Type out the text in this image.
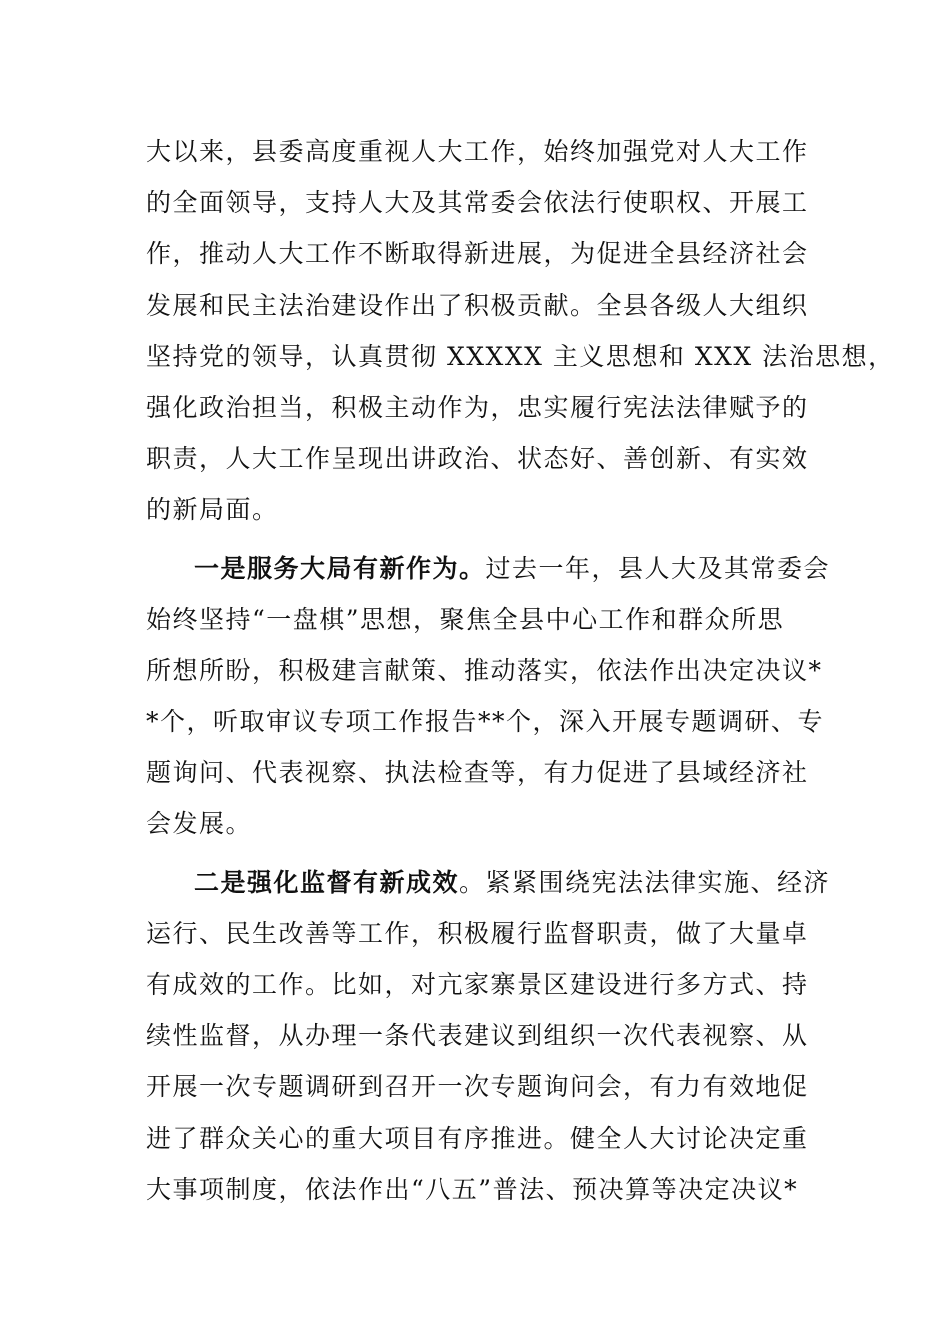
大以来，县委高度重视人大工作，始终加强党对人大工作
的全面领导，支持人大及其常委会依法行使职权、开展工
作，推动人大工作不断取得新进展，为促进全县经济社会
发展和民主法治建设作出了积极贡献。全县各级人大组织
坚持党的领导，认真贯彻 XXXXX 主义思想和 XXX 法治思想，
强化政治担当，积极主动作为，忠实履行宪法法律赋予的
职责，人大工作呈现出讲政治、状态好、善创新、有实效
的新局面。
一是服务大局有新作为。过去一年，县人大及其常委会
始终坚持“一盘棋”思想，聚焦全县中心工作和群众所思
所想所盼，积极建言献策、推动落实，依法作出决定决议*
*个，听取审议专项工作报告**个，深入开展专题调研、专
题询问、代表视察、执法检查等，有力促进了县域经济社
会发展。
二是强化监督有新成效。紧紧围绕宪法法律实施、经济
运行、民生改善等工作，积极履行监督职责，做了大量卓
有成效的工作。比如，对亢家寨景区建设进行多方式、持
续性监督，从办理一条代表建议到组织一次代表视察、从
开展一次专题调研到召开一次专题询问会，有力有效地促
进了群众关心的重大项目有序推进。健全人大讨论决定重
大事项制度，依法作出“八五”普法、预决算等决定决议*
